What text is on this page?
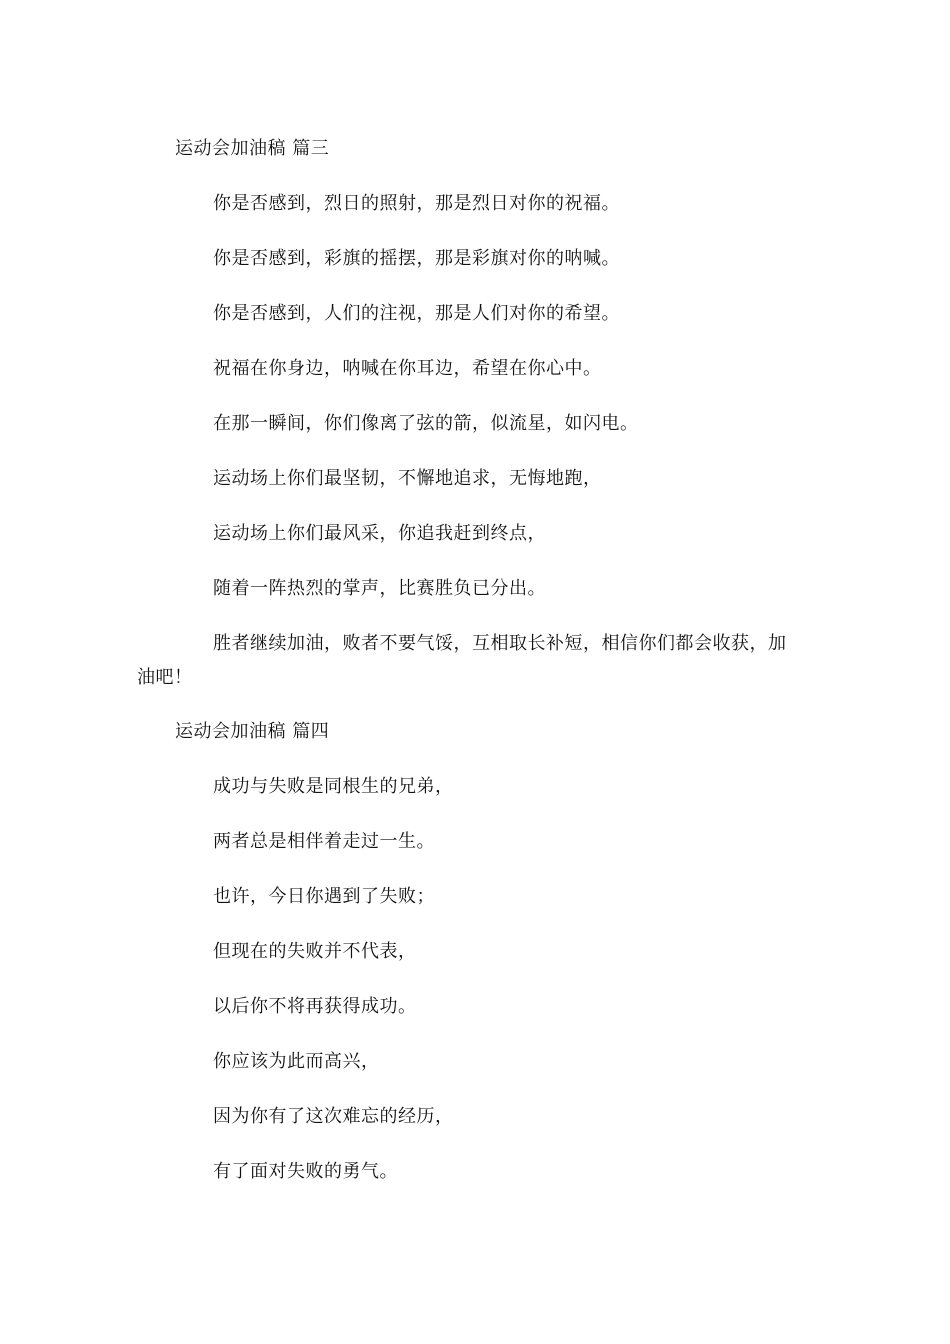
运动会加油稿 篇三
你是否感到，烈日的照射，那是烈日对你的祝福。
你是否感到，彩旗的摇摆，那是彩旗对你的呐喊。
你是否感到，人们的注视，那是人们对你的希望。
祝福在你身边，呐喊在你耳边，希望在你心中。
在那一瞬间，你们像离了弦的箭，似流星，如闪电。
运动场上你们最坚韧，不懈地追求，无悔地跑，
运动场上你们最风采，你追我赶到终点，
随着一阵热烈的掌声，比赛胜负已分出。
胜者继续加油，败者不要气馁，互相取长补短，相信你们都会收获，加
油吧！
运动会加油稿 篇四
成功与失败是同根生的兄弟，
两者总是相伴着走过一生。
也许，今日你遇到了失败；
但现在的失败并不代表，
以后你不将再获得成功。
你应该为此而高兴，
因为你有了这次难忘的经历，
有了面对失败的勇气。
